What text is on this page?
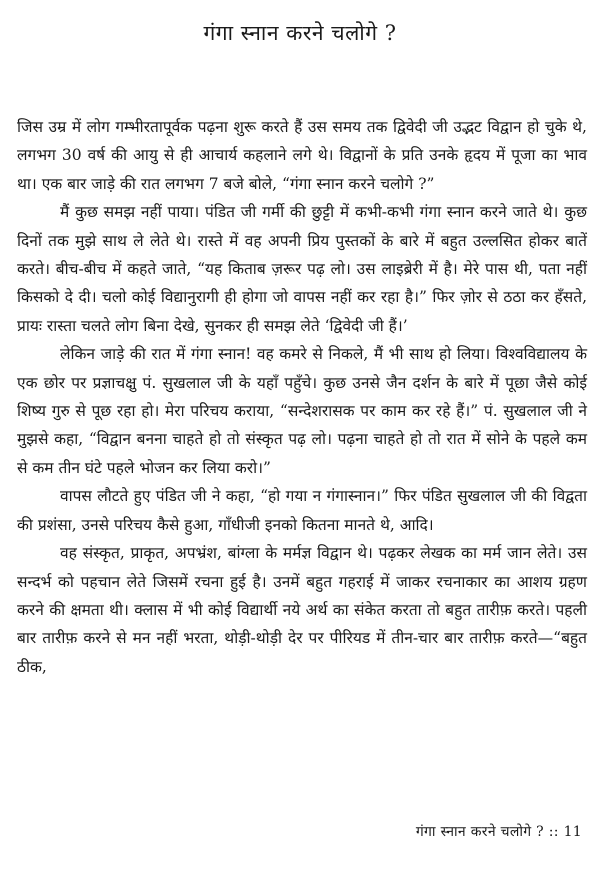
गंगा स्नान करने चलोगे ?

जिस उम्र में लोग गम्भीरतापूर्वक पढ़ना शुरू करते हैं उस समय तक द्विवेदी जी उद्भट विद्वान हो चुके थे, लगभग 30 वर्ष की आयु से ही आचार्य कहलाने लगे थे। विद्वानों के प्रति उनके हृदय में पूजा का भाव था। एक बार जाड़े की रात लगभग 7 बजे बोले, “गंगा स्नान करने चलोगे ?”

मैं कुछ समझ नहीं पाया। पंडित जी गर्मी की छुट्टी में कभी-कभी गंगा स्नान करने जाते थे। कुछ दिनों तक मुझे साथ ले लेते थे। रास्ते में वह अपनी प्रिय पुस्तकों के बारे में बहुत उल्लसित होकर बातें करते। बीच-बीच में कहते जाते, “यह किताब ज़रूर पढ़ लो। उस लाइब्रेरी में है। मेरे पास थी, पता नहीं किसको दे दी। चलो कोई विद्यानुरागी ही होगा जो वापस नहीं कर रहा है।” फिर ज़ोर से ठठा कर हँसते, प्रायः रास्ता चलते लोग बिना देखे, सुनकर ही समझ लेते ‘द्विवेदी जी हैं।’

लेकिन जाड़े की रात में गंगा स्नान! वह कमरे से निकले, मैं भी साथ हो लिया। विश्वविद्यालय के एक छोर पर प्रज्ञाचक्षु पं. सुखलाल जी के यहाँ पहुँचे। कुछ उनसे जैन दर्शन के बारे में पूछा जैसे कोई शिष्य गुरु से पूछ रहा हो। मेरा परिचय कराया, “सन्देशरासक पर काम कर रहे हैं।” पं. सुखलाल जी ने मुझसे कहा, “विद्वान बनना चाहते हो तो संस्कृत पढ़ लो। पढ़ना चाहते हो तो रात में सोने के पहले कम से कम तीन घंटे पहले भोजन कर लिया करो।”

वापस लौटते हुए पंडित जी ने कहा, “हो गया न गंगास्नान।” फिर पंडित सुखलाल जी की विद्वता की प्रशंसा, उनसे परिचय कैसे हुआ, गाँधीजी इनको कितना मानते थे, आदि।

वह संस्कृत, प्राकृत, अपभ्रंश, बांग्ला के मर्मज्ञ विद्वान थे। पढ़कर लेखक का मर्म जान लेते। उस सन्दर्भ को पहचान लेते जिसमें रचना हुई है। उनमें बहुत गहराई में जाकर रचनाकार का आशय ग्रहण करने की क्षमता थी। क्लास में भी कोई विद्यार्थी नये अर्थ का संकेत करता तो बहुत तारीफ़ करते। पहली बार तारीफ़ करने से मन नहीं भरता, थोड़ी-थोड़ी देर पर पीरियड में तीन-चार बार तारीफ़ करते—“बहुत ठीक,

गंगा स्नान करने चलोगे ? :: 11
